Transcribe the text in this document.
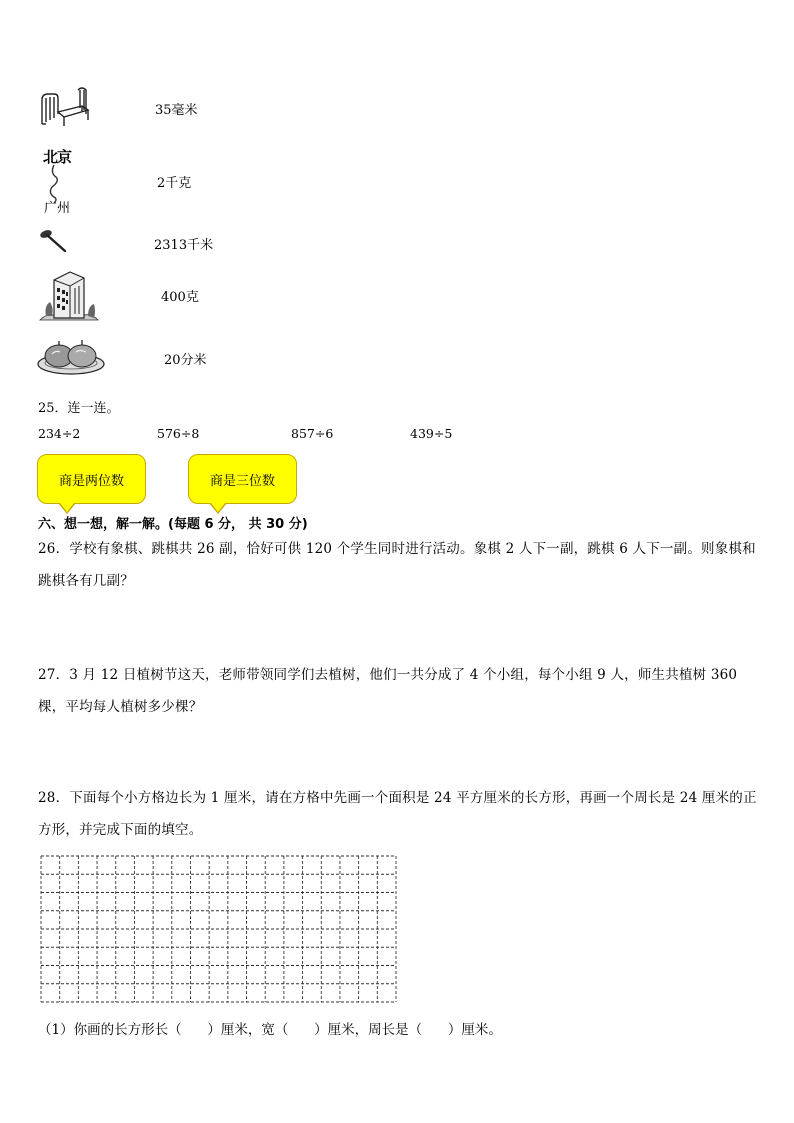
35毫米
北京
广州
2千克
2313千米
400克
20分米
25．连一连。
234÷2	576÷8	857÷6	439÷5
商是两位数	商是三位数
六、想一想，解一解。(每题 6 分， 共 30 分)
26．学校有象棋、跳棋共 26 副，恰好可供 120 个学生同时进行活动。象棋 2 人下一副，跳棋 6 人下一副。则象棋和跳棋各有几副？
27．3 月 12 日植树节这天，老师带领同学们去植树，他们一共分成了 4 个小组，每个小组 9 人，师生共植树 360 棵，平均每人植树多少棵？
28．下面每个小方格边长为 1 厘米，请在方格中先画一个面积是 24 平方厘米的长方形，再画一个周长是 24 厘米的正方形，并完成下面的填空。
（1）你画的长方形长（      ）厘米，宽（      ）厘米，周长是（      ）厘米。
